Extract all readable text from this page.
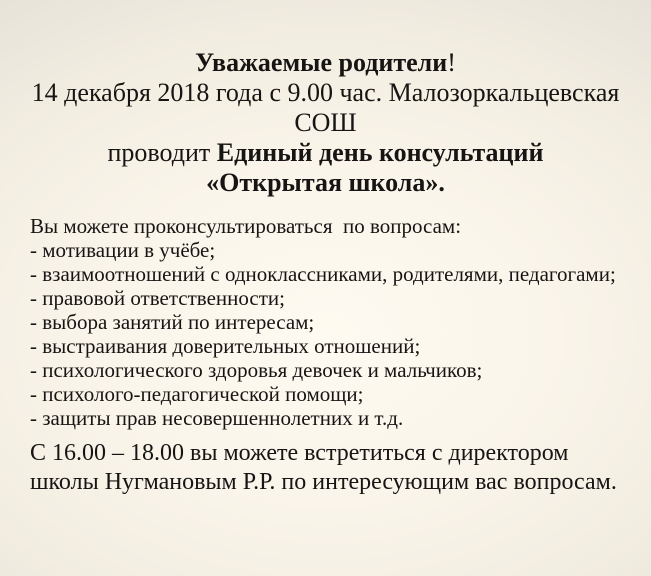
Уважаемые родители!
14 декабря 2018 года с 9.00 час. Малозоркальцевская СОШ
проводит Единый день консультаций
«Открытая школа».
Вы можете проконсультироваться  по вопросам:
- мотивации в учёбе;
- взаимоотношений с одноклассниками, родителями, педагогами;
- правовой ответственности;
- выбора занятий по интересам;
- выстраивания доверительных отношений;
- психологического здоровья девочек и мальчиков;
- психолого-педагогической помощи;
- защиты прав несовершеннолетних и т.д.
С 16.00 – 18.00 вы можете встретиться с директором
школы Нугмановым Р.Р. по интересующим вас вопросам.
